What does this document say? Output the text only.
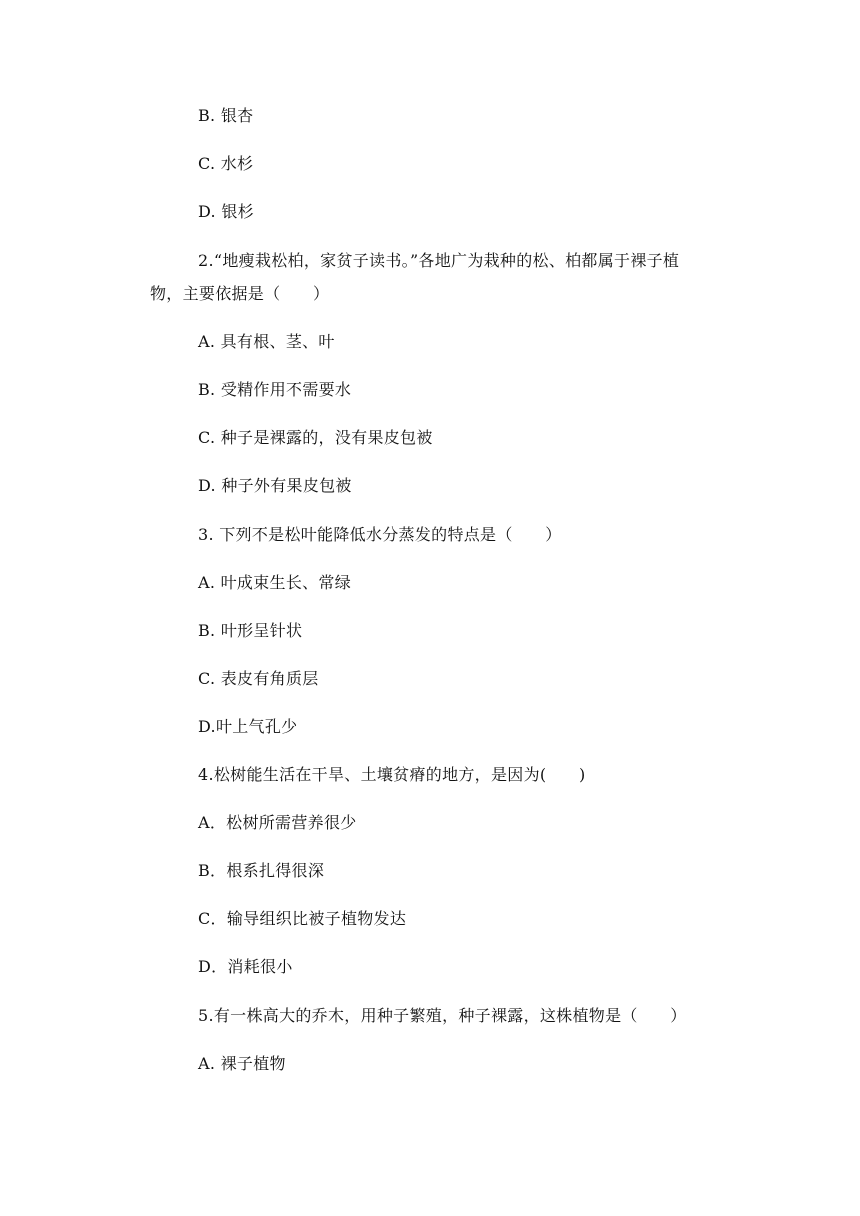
B. 银杏
C. 水杉
D. 银杉
2.“地瘦栽松柏，家贫子读书。”各地广为栽种的松、柏都属于裸子植
物，主要依据是（　　）
A. 具有根、茎、叶
B. 受精作用不需要水
C. 种子是裸露的，没有果皮包被
D. 种子外有果皮包被
3. 下列不是松叶能降低水分蒸发的特点是（　　）
A. 叶成束生长、常绿
B. 叶形呈针状
C. 表皮有角质层
D.叶上气孔少
4.松树能生活在干旱、土壤贫瘠的地方，是因为(　　)
A．松树所需营养很少
B．根系扎得很深
C．输导组织比被子植物发达
D．消耗很小
5.有一株高大的乔木，用种子繁殖，种子裸露，这株植物是（　　）
A. 裸子植物
